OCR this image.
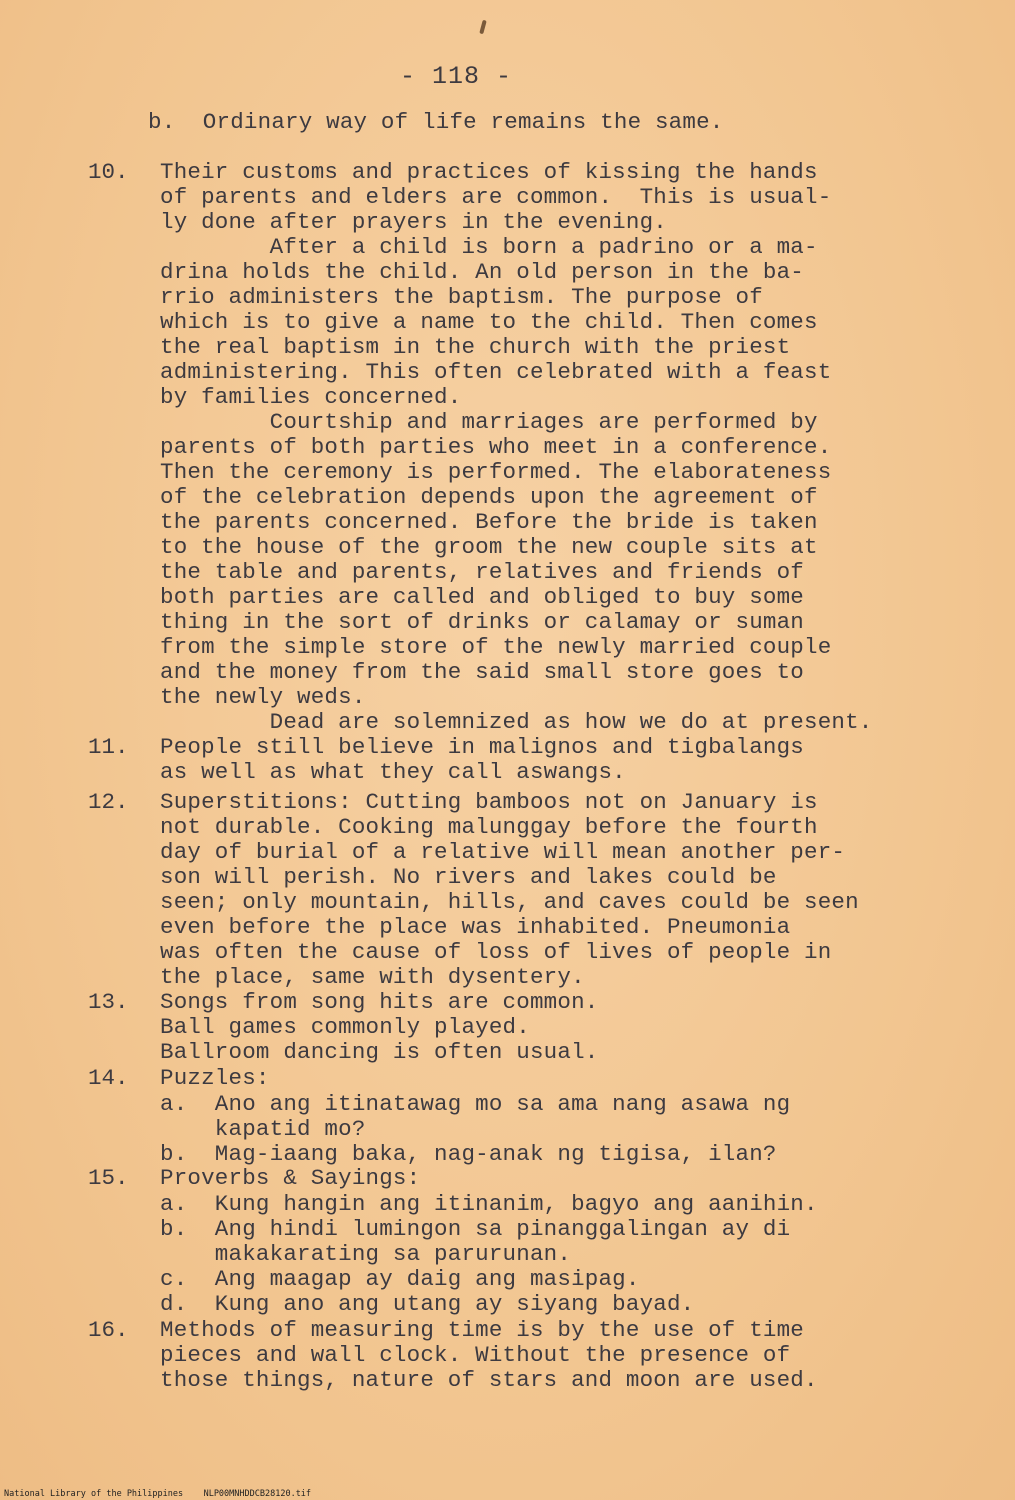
- 118 -
b.  Ordinary way of life remains the same.
10.
11.
12.
13.
14.
15.
16.
Their customs and practices of kissing the hands
of parents and elders are common.  This is usual-
ly done after prayers in the evening.
After a child is born a padrino or a ma-
drina holds the child. An old person in the ba-
rrio administers the baptism. The purpose of
which is to give a name to the child. Then comes
the real baptism in the church with the priest
administering. This often celebrated with a feast
by families concerned.
Courtship and marriages are performed by
parents of both parties who meet in a conference.
Then the ceremony is performed. The elaborateness
of the celebration depends upon the agreement of
the parents concerned. Before the bride is taken
to the house of the groom the new couple sits at
the table and parents, relatives and friends of
both parties are called and obliged to buy some
thing in the sort of drinks or calamay or suman
from the simple store of the newly married couple
and the money from the said small store goes to
the newly weds.
Dead are solemnized as how we do at present.
People still believe in malignos and tigbalangs
as well as what they call aswangs.
Superstitions: Cutting bamboos not on January is
not durable. Cooking malunggay before the fourth
day of burial of a relative will mean another per-
son will perish. No rivers and lakes could be
seen; only mountain, hills, and caves could be seen
even before the place was inhabited. Pneumonia
was often the cause of loss of lives of people in
the place, same with dysentery.
Songs from song hits are common.
Ball games commonly played.
Ballroom dancing is often usual.
Puzzles:
a.  Ano ang itinatawag mo sa ama nang asawa ng
kapatid mo?
b.  Mag-iaang baka, nag-anak ng tigisa, ilan?
Proverbs & Sayings:
a.  Kung hangin ang itinanim, bagyo ang aanihin.
b.  Ang hindi lumingon sa pinanggalingan ay di
makakarating sa parurunan.
c.  Ang maagap ay daig ang masipag.
d.  Kung ano ang utang ay siyang bayad.
Methods of measuring time is by the use of time
pieces and wall clock. Without the presence of
those things, nature of stars and moon are used.
National Library of the Philippines    NLP00MNHDDCB28120.tif
